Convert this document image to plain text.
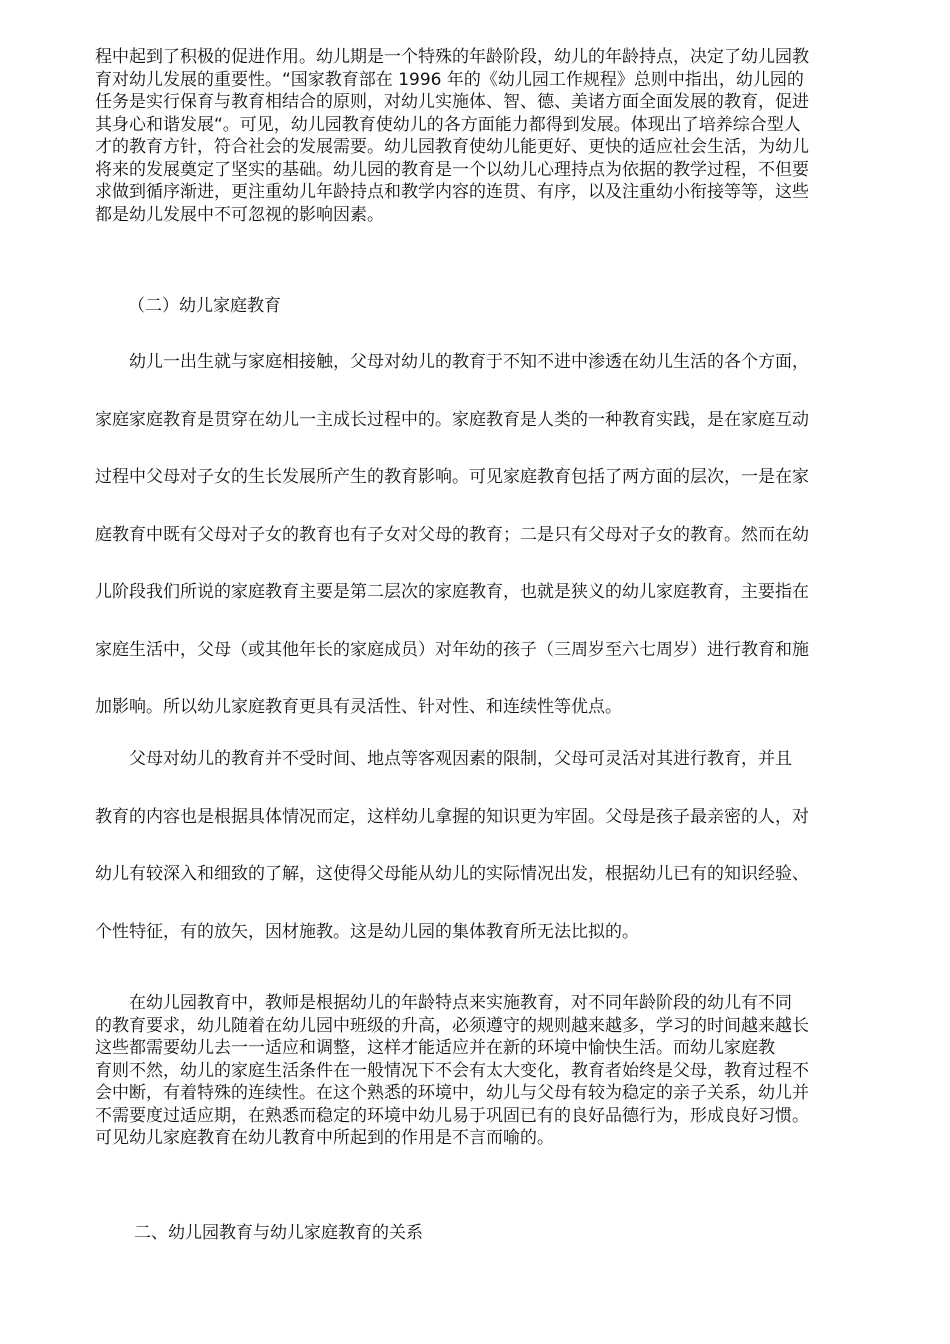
程中起到了积极的促进作用。幼儿期是一个特殊的年龄阶段，幼儿的年龄持点，决定了幼儿园教
育对幼儿发展的重要性。“国家教育部在 1996 年的《幼儿园工作规程》总则中指出，幼儿园的
任务是实行保育与教育相结合的原则，对幼儿实施体、智、德、美诸方面全面发展的教育，促进
其身心和谐发展“。可见，幼儿园教育使幼儿的各方面能力都得到发展。体现出了培养综合型人
才的教育方针，符合社会的发展需要。幼儿园教育使幼儿能更好、更快的适应社会生活，为幼儿
将来的发展奠定了坚实的基础。幼儿园的教育是一个以幼儿心理持点为依据的教学过程，不但要
求做到循序渐进，更注重幼儿年龄持点和教学内容的连贯、有序，以及注重幼小衔接等等，这些
都是幼儿发展中不可忽视的影响因素。
（二）幼儿家庭教育
　　幼儿一出生就与家庭相接触，父母对幼儿的教育于不知不进中渗透在幼儿生活的各个方面，
家庭家庭教育是贯穿在幼儿一主成长过程中的。家庭教育是人类的一种教育实践，是在家庭互动
过程中父母对子女的生长发展所产生的教育影响。可见家庭教育包括了两方面的层次，一是在家
庭教育中既有父母对子女的教育也有子女对父母的教育；二是只有父母对子女的教育。然而在幼
儿阶段我们所说的家庭教育主要是第二层次的家庭教育，也就是狭义的幼儿家庭教育，主要指在
家庭生活中，父母（或其他年长的家庭成员）对年幼的孩子（三周岁至六七周岁）进行教育和施
加影响。所以幼儿家庭教育更具有灵活性、针对性、和连续性等优点。
　　父母对幼儿的教育并不受时间、地点等客观因素的限制，父母可灵活对其进行教育，并且
教育的内容也是根据具体情况而定，这样幼儿拿握的知识更为牢固。父母是孩子最亲密的人，对
幼儿有较深入和细致的了解，这使得父母能从幼儿的实际情况出发，根据幼儿已有的知识经验、
个性特征，有的放矢，因材施教。这是幼儿园的集体教育所无法比拟的。
　　在幼儿园教育中，教师是根据幼儿的年龄特点来实施教育，对不同年龄阶段的幼儿有不同
的教育要求，幼儿随着在幼儿园中班级的升高，必须遵守的规则越来越多，学习的时间越来越长
这些都需要幼儿去一一适应和调整，这样才能适应并在新的环境中愉快生活。而幼儿家庭教
育则不然，幼儿的家庭生活条件在一般情况下不会有太大变化，教育者始终是父母，教育过程不
会中断，有着特殊的连续性。在这个熟悉的环境中，幼儿与父母有较为稳定的亲子关系，幼儿并
不需要度过适应期，在熟悉而稳定的环境中幼儿易于巩固已有的良好品德行为，形成良好习惯。
可见幼儿家庭教育在幼儿教育中所起到的作用是不言而喻的。
二、幼儿园教育与幼儿家庭教育的关系
